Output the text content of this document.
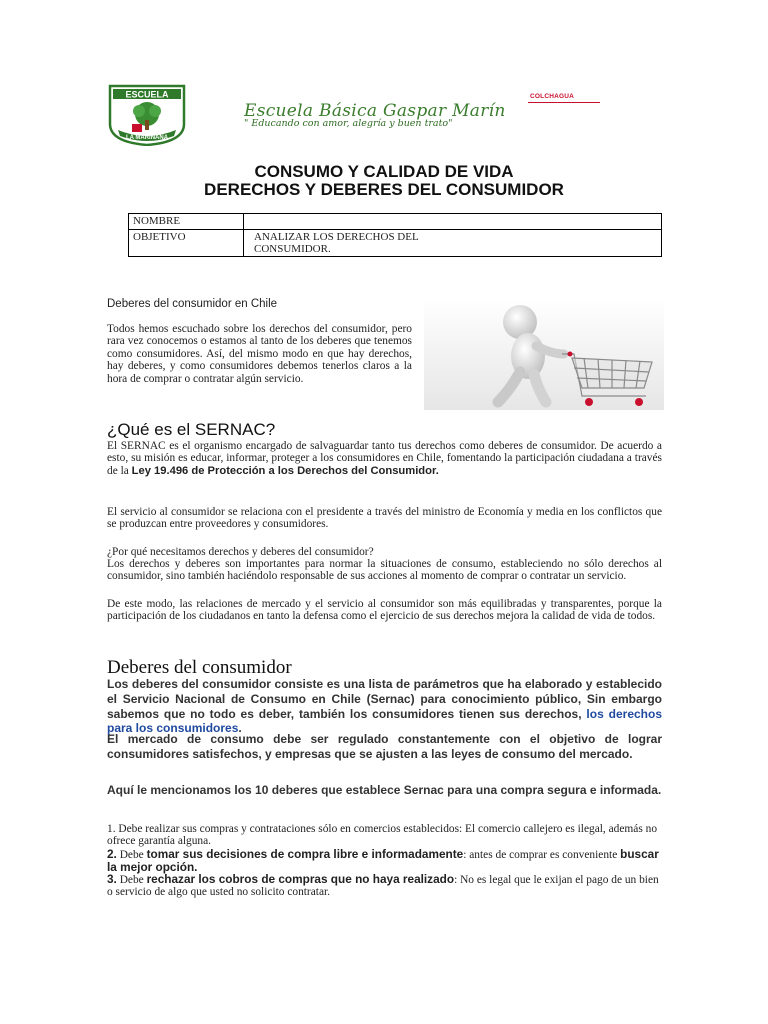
ESCUELA
LA MARINANA
Escuela Básica Gaspar Marín
" Educando con amor, alegría y buen trato"
COLCHAGUA
CONSUMO Y CALIDAD DE VIDA
DERECHOS Y DEBERES DEL CONSUMIDOR
NOMBRE	
OBJETIVO	ANALIZAR LOS DERECHOS DEL
CONSUMIDOR.
Deberes del consumidor en Chile
Todos hemos escuchado sobre los derechos del consumidor, pero rara vez conocemos o estamos al tanto de los deberes que tenemos como consumidores. Así, del mismo modo en que hay derechos, hay deberes, y como consumidores debemos tenerlos claros a la hora de comprar o contratar algún servicio.
¿Qué es el SERNAC?
El SERNAC es el organismo encargado de salvaguardar tanto tus derechos como deberes de consumidor. De acuerdo a esto, su misión es educar, informar, proteger a los consumidores en Chile, fomentando la participación ciudadana a través de la Ley 19.496 de Protección a los Derechos del Consumidor.
El servicio al consumidor se relaciona con el presidente a través del ministro de Economía y media en los conflictos que se produzcan entre proveedores y consumidores.
¿Por qué necesitamos derechos y deberes del consumidor?
Los derechos y deberes son importantes para normar la situaciones de consumo, estableciendo no sólo derechos al consumidor, sino también haciéndolo responsable de sus acciones al momento de comprar o contratar un servicio.
De este modo, las relaciones de mercado y el servicio al consumidor son más equilibradas y transparentes, porque la participación de los ciudadanos en tanto la defensa como el ejercicio de sus derechos mejora la calidad de vida de todos.
Deberes del consumidor
Los deberes del consumidor consiste es una lista de parámetros que ha elaborado y establecido el Servicio Nacional de Consumo en Chile (Sernac) para conocimiento público, Sin embargo sabemos que no todo es deber, también los consumidores tienen sus derechos, los derechos para los consumidores.
El mercado de consumo debe ser regulado constantemente con el objetivo de lograr consumidores satisfechos, y empresas que se ajusten a las leyes de consumo del mercado.
Aquí le mencionamos los 10 deberes que establece Sernac para una compra segura e informada.
1. Debe realizar sus compras y contrataciones sólo en comercios establecidos: El comercio callejero es ilegal, además no ofrece garantía alguna.
2. Debe tomar sus decisiones de compra libre e informadamente: antes de comprar es conveniente buscar la mejor opción.
3. Debe rechazar los cobros de compras que no haya realizado: No es legal que le exijan el pago de un bien o servicio de algo que usted no solicito contratar.
